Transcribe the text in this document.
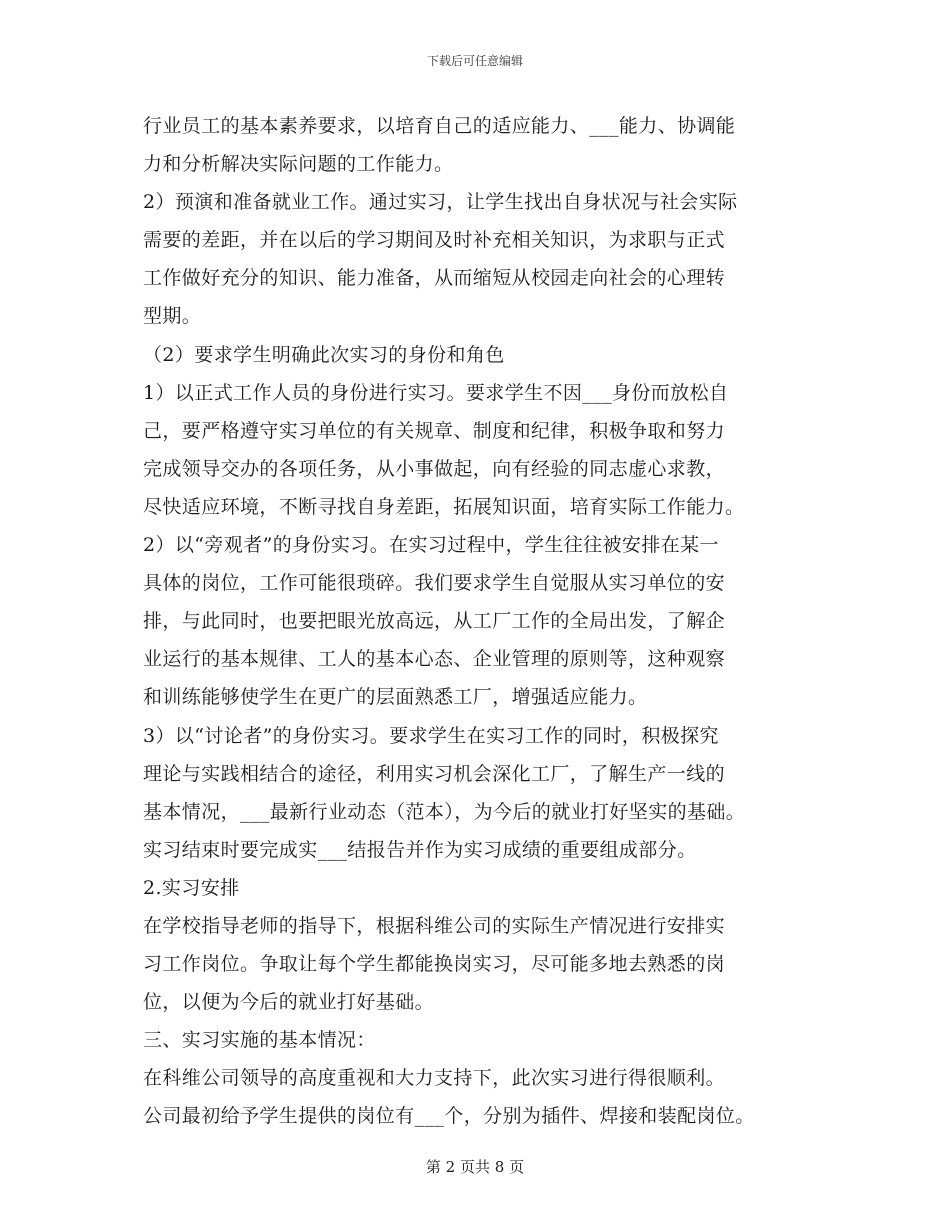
下载后可任意编辑
行业员工的基本素养要求，以培育自己的适应能力、___能力、协调能
力和分析解决实际问题的工作能力。
2）预演和准备就业工作。通过实习，让学生找出自身状况与社会实际
需要的差距，并在以后的学习期间及时补充相关知识，为求职与正式
工作做好充分的知识、能力准备，从而缩短从校园走向社会的心理转
型期。
（2）要求学生明确此次实习的身份和角色
1）以正式工作人员的身份进行实习。要求学生不因___身份而放松自
己，要严格遵守实习单位的有关规章、制度和纪律，积极争取和努力
完成领导交办的各项任务，从小事做起，向有经验的同志虚心求教，
尽快适应环境，不断寻找自身差距，拓展知识面，培育实际工作能力。
2）以“旁观者”的身份实习。在实习过程中，学生往往被安排在某一
具体的岗位，工作可能很琐碎。我们要求学生自觉服从实习单位的安
排，与此同时，也要把眼光放高远，从工厂工作的全局出发，了解企
业运行的基本规律、工人的基本心态、企业管理的原则等，这种观察
和训练能够使学生在更广的层面熟悉工厂，增强适应能力。
3）以“讨论者”的身份实习。要求学生在实习工作的同时，积极探究
理论与实践相结合的途径，利用实习机会深化工厂，了解生产一线的
基本情况，___最新行业动态（范本），为今后的就业打好坚实的基础。
实习结束时要完成实___结报告并作为实习成绩的重要组成部分。
2.实习安排
在学校指导老师的指导下，根据科维公司的实际生产情况进行安排实
习工作岗位。争取让每个学生都能换岗实习，尽可能多地去熟悉的岗
位，以便为今后的就业打好基础。
三、实习实施的基本情况：
在科维公司领导的高度重视和大力支持下，此次实习进行得很顺利。
公司最初给予学生提供的岗位有___个，分别为插件、焊接和装配岗位。
第 2 页共 8 页
